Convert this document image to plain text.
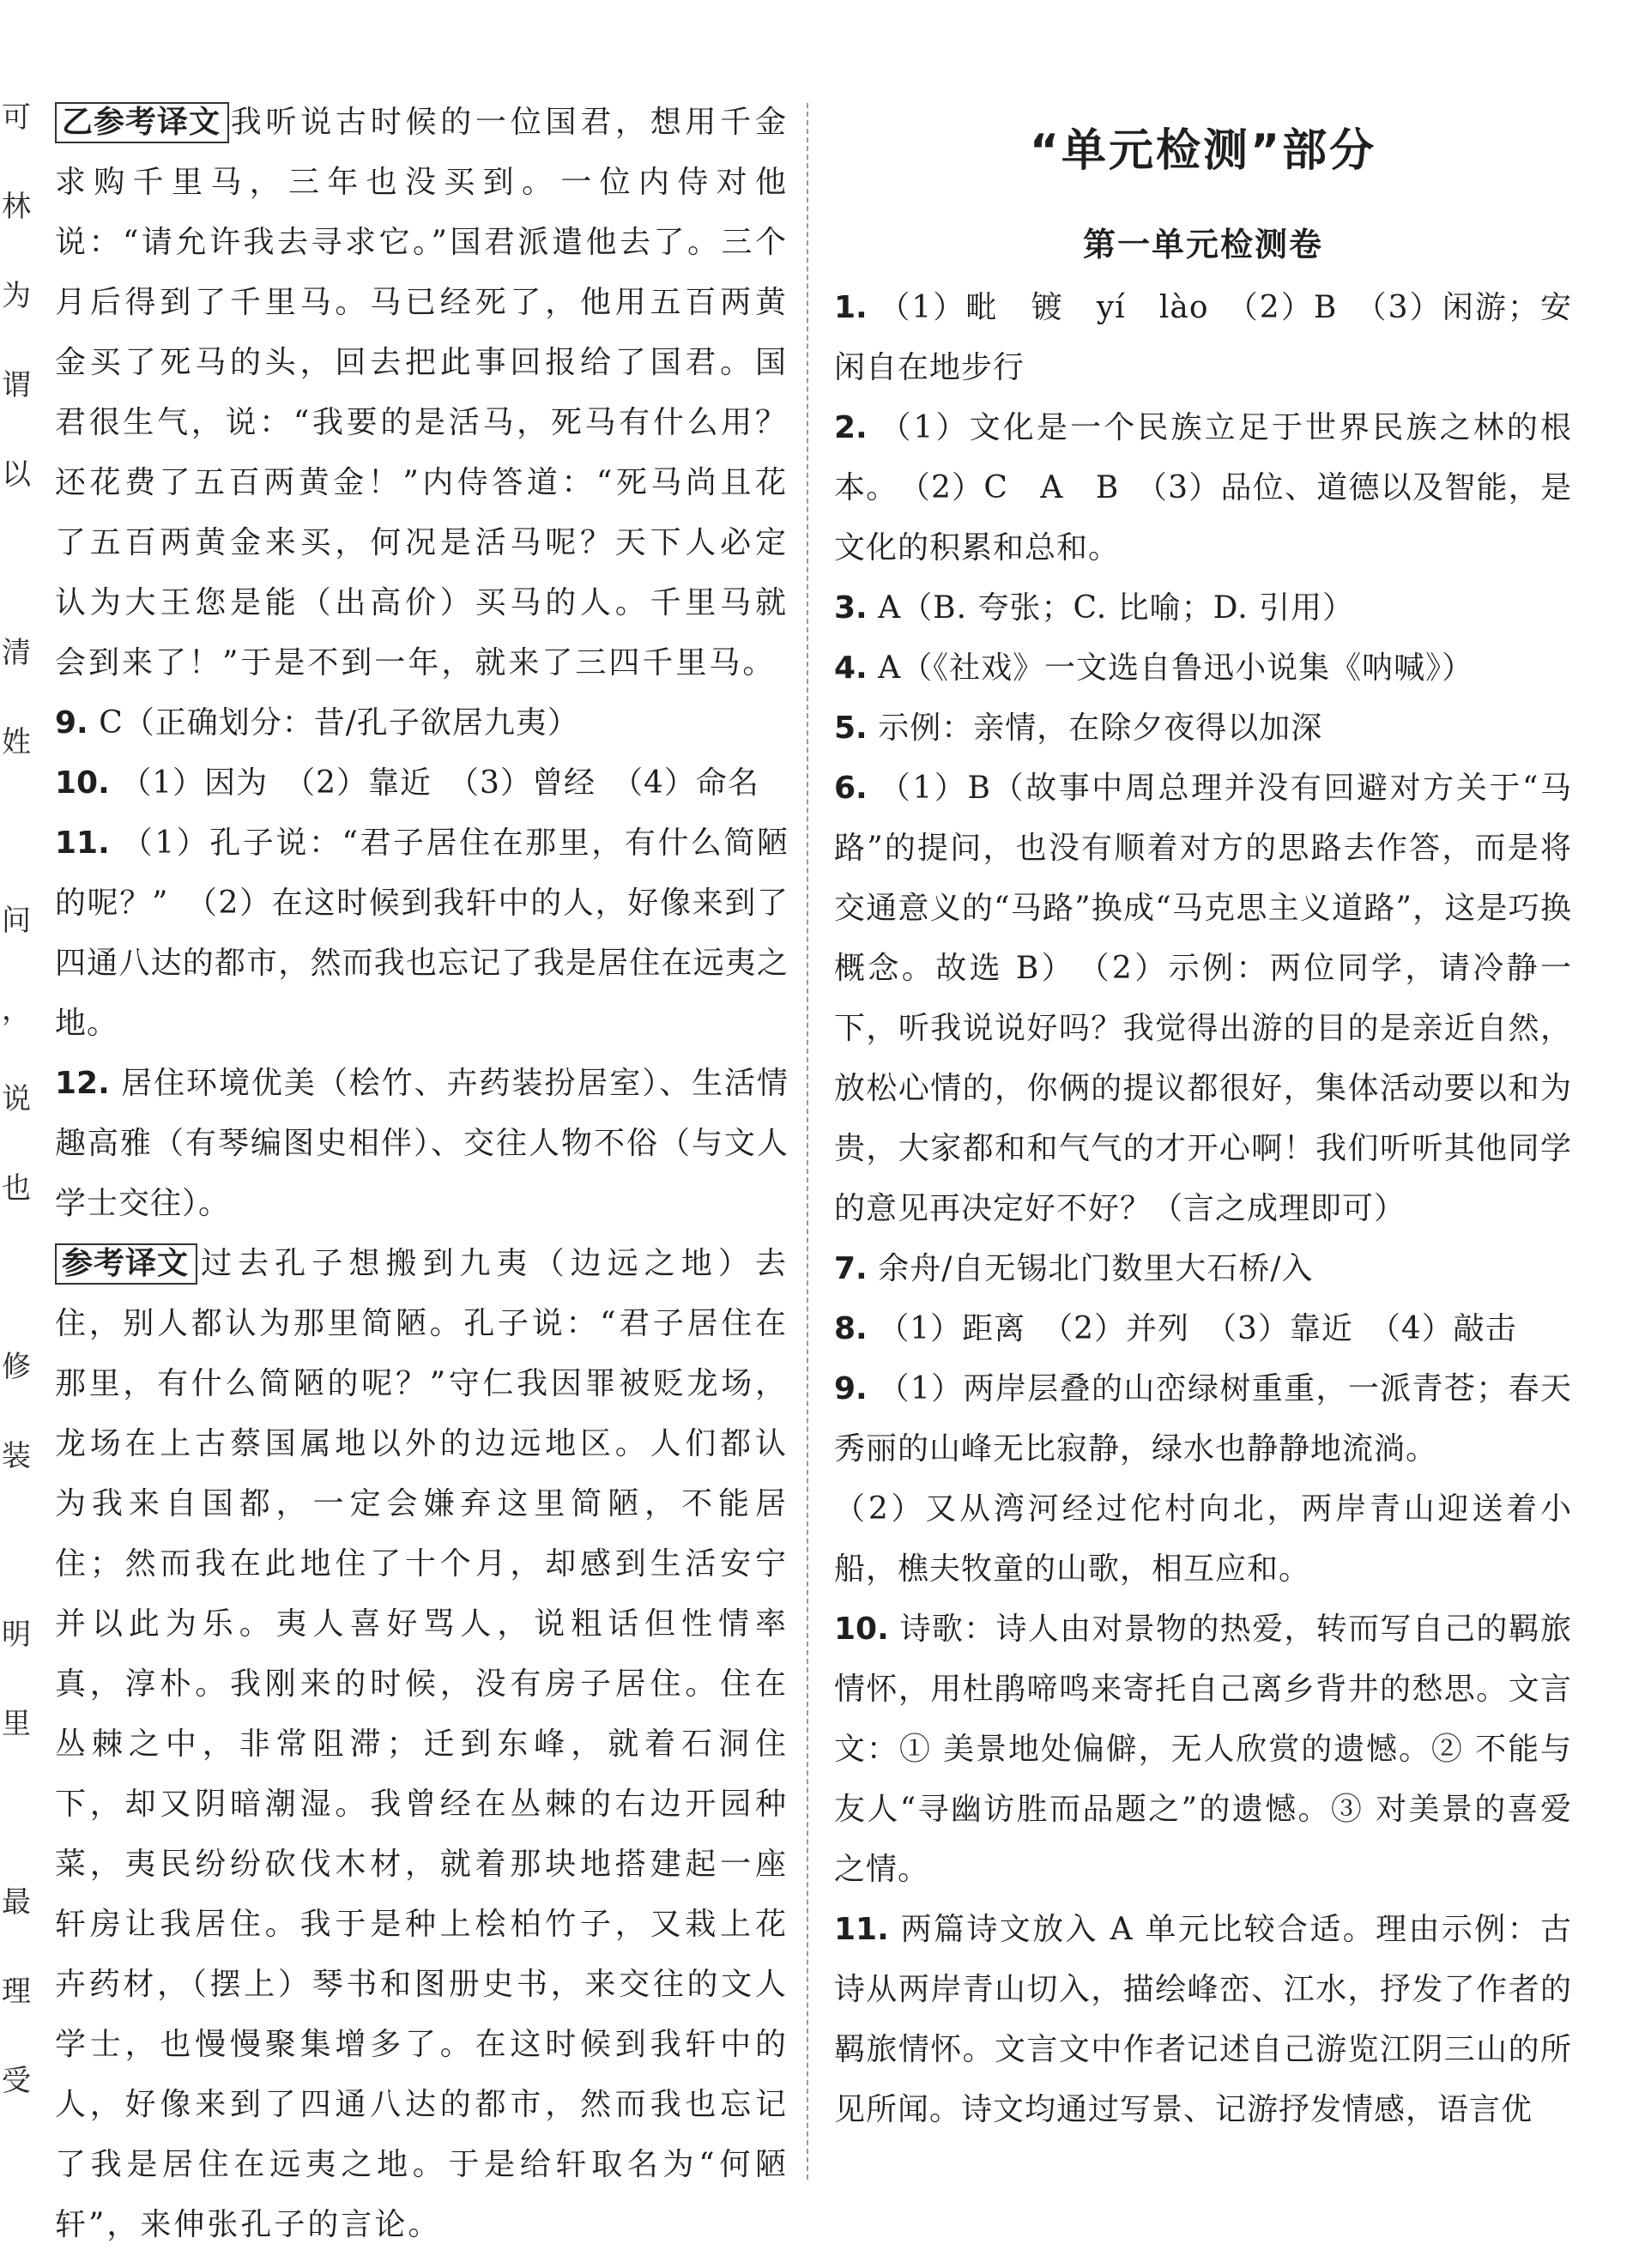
可
林
为
谓
以
清
姓
问
，
说
也
修
装
明
里
最
理
受

乙参考译文 我听说古时候的一位国君，想用千金求购千里马，三年也没买到。一位内侍对他说：“请允许我去寻求它。”国君派遣他去了。三个月后得到了千里马。马已经死了，他用五百两黄金买了死马的头，回去把此事回报给了国君。国君很生气，说：“我要的是活马，死马有什么用？还花费了五百两黄金！”内侍答道：“死马尚且花了五百两黄金来买，何况是活马呢？天下人必定认为大王您是能（出高价）买马的人。千里马就会到来了！”于是不到一年，就来了三四千里马。

9. C（正确划分：昔/孔子欲居九夷）

10. （1）因为　（2）靠近　（3）曾经　（4）命名

11. （1）孔子说：“君子居住在那里，有什么简陋的呢？”　（2）在这时候到我轩中的人，好像来到了四通八达的都市，然而我也忘记了我是居住在远夷之地。

12. 居住环境优美（桧竹、卉药装扮居室）、生活情趣高雅（有琴编图史相伴）、交往人物不俗（与文人学士交往）。

参考译文 过去孔子想搬到九夷（边远之地）去住，别人都认为那里简陋。孔子说：“君子居住在那里，有什么简陋的呢？”守仁我因罪被贬龙场，龙场在上古蔡国属地以外的边远地区。人们都认为我来自国都，一定会嫌弃这里简陋，不能居住；然而我在此地住了十个月，却感到生活安宁并以此为乐。夷人喜好骂人，说粗话但性情率真，淳朴。我刚来的时候，没有房子居住。住在丛棘之中，非常阻滞；迁到东峰，就着石洞住下，却又阴暗潮湿。我曾经在丛棘的右边开园种菜，夷民纷纷砍伐木材，就着那块地搭建起一座轩房让我居住。我于是种上桧柏竹子，又栽上花卉药材，（摆上）琴书和图册史书，来交往的文人学士，也慢慢聚集增多了。在这时候到我轩中的人，好像来到了四通八达的都市，然而我也忘记了我是居住在远夷之地。于是给轩取名为“何陋轩”，来伸张孔子的言论。

“单元检测”部分
第一单元检测卷

1. （1）毗　镀　yí　lào　（2）B　（3）闲游；安闲自在地步行

2. （1）文化是一个民族立足于世界民族之林的根本。　（2）C　A　B　（3）品位、道德以及智能，是文化的积累和总和。

3. A（B. 夸张；C. 比喻；D. 引用）

4. A（《社戏》一文选自鲁迅小说集《呐喊》）

5. 示例：亲情，在除夕夜得以加深

6. （1）B（故事中周总理并没有回避对方关于“马路”的提问，也没有顺着对方的思路去作答，而是将交通意义的“马路”换成“马克思主义道路”，这是巧换概念。故选 B）　（2）示例：两位同学，请冷静一下，听我说说好吗？我觉得出游的目的是亲近自然，放松心情的，你俩的提议都很好，集体活动要以和为贵，大家都和和气气的才开心啊！我们听听其他同学的意见再决定好不好？（言之成理即可）

7. 余舟/自无锡北门数里大石桥/入

8. （1）距离　（2）并列　（3）靠近　（4）敲击

9. （1）两岸层叠的山峦绿树重重，一派青苍；春天秀丽的山峰无比寂静，绿水也静静地流淌。

（2）又从湾河经过佗村向北，两岸青山迎送着小船，樵夫牧童的山歌，相互应和。

10. 诗歌：诗人由对景物的热爱，转而写自己的羁旅情怀，用杜鹃啼鸣来寄托自己离乡背井的愁思。文言文：① 美景地处偏僻，无人欣赏的遗憾。② 不能与友人“寻幽访胜而品题之”的遗憾。③ 对美景的喜爱之情。

11. 两篇诗文放入 A 单元比较合适。理由示例：古诗从两岸青山切入，描绘峰峦、江水，抒发了作者的羁旅情怀。文言文中作者记述自己游览江阴三山的所见所闻。诗文均通过写景、记游抒发情感，语言优
